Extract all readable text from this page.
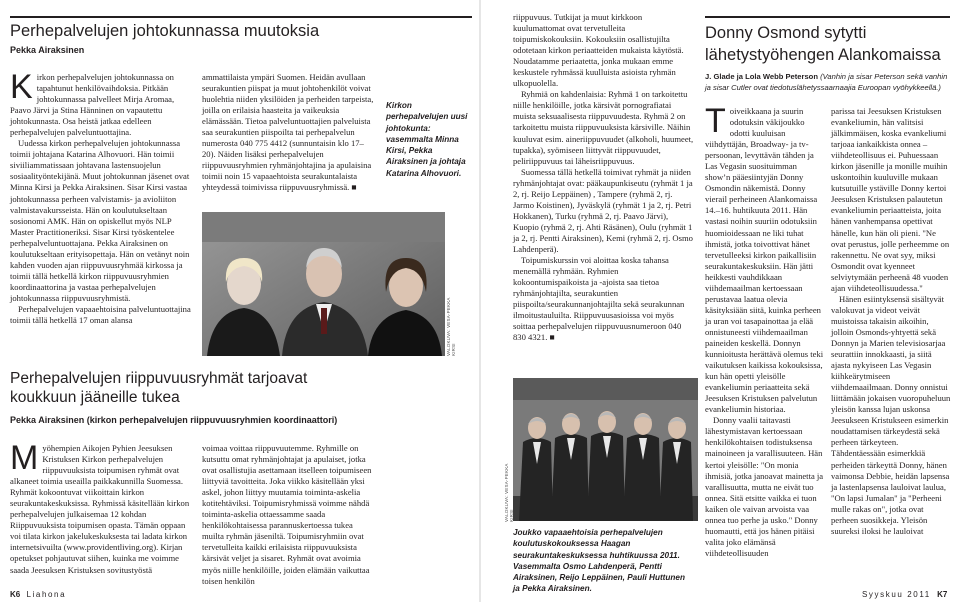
Perhepalvelujen johtokunnassa muutoksia
Pekka Airaksinen
K irkon perhepalvelujen johtokunnassa on tapahtunut henkilövaihdoksia. Pitkään johtokunnassa palvelleet Mirja Aromaa, Paavo Järvi ja Stina Hänninen on vapautettu johtokunnasta. Osa heistä jatkaa edelleen perhepalvelujen palveluntuottajina.

Uudessa kirkon perhepalvelujen johtokunnassa toimii johtajana Katarina Alhovuori. Hän toimii siviiliammatissaan johtavana lastensuojelun sosiaalityöntekijänä. Muut johtokunnan jäsenet ovat Minna Kirsi ja Pekka Airaksinen. Sisar Kirsi vastaa johtokunnassa perheen valvistamis- ja avioliiton valmistavakursseista. Hän on koulutukseltaan sosionomi AMK. Hän on opiskellut myös NLP Master Practitioneriksi. Sisar Kirsi työskentelee perhepalveluntuottajana. Pekka Airaksinen on koulutukseltaan erityisopettaja. Hän on vetänyt noin kahden vuoden ajan riippuvuusryhmää kirkossa ja toimii tällä hetkellä kirkon riippuvuusryhmien koordinaattorina ja vastaa perhepalvelujen johtokunnassa riippuvuusryhmistä.

Perhepalvelujen vapaaehtoisina palveluntuottajina toimii tällä hetkellä 17 oman alansa

ammattilaista ympäri Suomen. Heidän avullaan seurakuntien piispat ja muut johtohenkilöt voivat huolehtia niiden yksilöiden ja perheiden tarpeista, joilla on erilaisia haasteita ja vaikeuksia elämässään. Tietoa palveluntuottajien palveluista saa seurakuntien piispoilta tai perhepalvelun numerosta 040 775 4412 (sunnuntaisin klo 17–20). Näiden lisäksi perhepalvelujen riippuvuusryhmien ryhmänjohtajina ja apulaisina toimii noin 15 vapaaehtoista seurakuntalaista yhteydessä toimivissa riippuvuusryhmissä. ■

Kirkon perhepalvelujen uusi johtokunta: vasemmalta Minna Kirsi, Pekka Airaksinen ja johtaja Katarina Alhovuori.

VALOKUVA: VESA-PEKKA KIRSI
Perhepalvelujen riippuvuusryhmät tarjoavat koukkuun jääneille tukea
Pekka Airaksinen (kirkon perhepalvelujen riippuvuusryhmien koordinaattori)
M yöhempien Aikojen Pyhien Jeesuksen Kristuksen Kirkon perhepalvelujen riippuvuuksista toipumisen ryhmät ovat alkaneet toimia useailla paikkakunnilla Suomessa. Ryhmät kokoontuvat viikoittain kirkon seurakuntakeskuksissa. Ryhmissä käsitellään kirkon perhepalvelujen julkaisemaa 12 kohdan Riippuvuuksista toipumisen opasta. Tämän oppaan voi tilata kirkon jakelukeskuksesta tai ladata kirkon internetsivuilta (www.providentliving.org). Kirjan opetukset pohjautuvat siihen, kuinka me voimme saada Jeesuksen Kristuksen sovitustyöstä

voimaa voittaa riippuvuutemme. Ryhmille on kutsuttu omat ryhmänjohtajat ja apulaiset, jotka ovat osallistujia asettamaan itselleen toipumiseen liittyviä tavoitteita. Joka viikko käsitellään yksi askel, johon liittyy muutamia toiminta-askelia kotitehtäviksi. Toipumisryhmissä voimme nähdä toiminta-askelia ottaessamme saada henkilökohtaisessa parannuskertoessa tukea muilta ryhmän jäseniltä. Toipumisryhmiin ovat tervetulleita kaikki erilaisista riippuvuuksista kärsivät veljet ja sisaret. Ryhmät ovat avoimia myös niille henkilöille, joiden elämään vaikuttaa toisen henkilön

VALOKUVA: VESA-PEKKA KIRSI

Joukko vapaaehtoisia perhepalvelujen koulutuskokouksessa Haagan seurakuntakeskuksessa huhtikuussa 2011. Vasemmalta Osmo Lahdenperä, Pentti Airaksinen, Reijo Leppäinen, Pauli Huttunen ja Pekka Airaksinen.

K6 Liahona

riippuvuus. Tutkijat ja muut kirkkoon kuulumattomat ovat tervetulleita toipumiskokouksiin. Kokouksiin osallistujilta odotetaan kirkon periaatteiden mukaista käytöstä. Noudatamme periaatetta, jonka mukaan emme keskustele ryhmässä kuulluista asioista ryhmän ulkopuolella.

Ryhmiä on kahdenlaisia: Ryhmä 1 on tarkoitettu niille henkilöille, jotka kärsivät pornografiatai muista seksuaalisesta riippuvuudesta. Ryhmä 2 on tarkoitettu muista riippuvuuksista kärsiville. Näihin kuuluvat esim. aineriippuvuudet (alkoholi, huumeet, tupakka), syömiseen liittyvät riippuvuudet, peliriippuvuus tai läheisriippuvuus.

Suomessa tällä hetkellä toimivat ryhmät ja niiden ryhmänjohtajat ovat: pääkaupunkiseutu (ryhmät 1 ja 2, rj. Reijo Leppäinen) , Tampere (ryhmä 2, rj. Jarmo Koistinen), Jyväskylä (ryhmät 1 ja 2, rj. Petri Hokkanen), Turku (ryhmä 2, rj. Paavo Järvi), Kuopio (ryhmä 2, rj. Ahti Räsänen), Oulu (ryhmät 1 ja 2, rj. Pentti Airaksinen), Kemi (ryhmä 2, rj. Osmo Lahdenperä).

Toipumiskurssin voi aloittaa koska tahansa menemällä ryhmään. Ryhmien kokoontumispaikoista ja -ajoista saa tietoa ryhmänjohtajilta, seurakuntien piispoilta/seurakunnanjohtajilta sekä seurakunnan ilmoitustauluilta. Riippuvuusasioissa voi myös soittaa perhepalvelujen riippuvuusnumeroon 040 830 4321. ■

Donny Osmond sytytti lähetystyöhengen Alankomaissa
J. Glade ja Lola Webb Peterson (Vanhin ja sisar Peterson sekä vanhin ja sisar Cutler ovat tiedotuslähetyssaarnaajia Euroopan vyöhykkeellä.)
T oiveikkaana ja suurin odotuksin väkijoukko odotti kuuluisan viihdyttäjän, Broadway- ja tv-persoonan, levyttävän tähden ja Las Vegasin suosituimman show’n pääesiintyjän Donny Osmondin näkemistä. Donny vierail perheineen Alankomaissa 14.–16. huhtikuuta 2011. Hän vastasi noihin suuriin odotuksiin huomioidessaan ne liki tuhat ihmistä, jotka toivottivat hänet tervetulleeksi kirkon paikallisiin seurakuntakeskuksiin. Hän jätti heikkesti vauhdikkaan viihdemaailman kertoessaan perustavaa laatua olevia käsityksiään siitä, kuinka perheen ja uran voi tasapainottaa ja elää onnistuneesti viihdemaailman paineiden keskellä. Donnyn kunnioitusta herättävä olemus teki vaikutuksen kaikissa kokouksissa, kun hän opetti yleisölle evankeliumin periaatteita sekä Jeesuksen Kristuksen palvelutun evankeliumin historiaa.

Donny vaalii taitavasti lähestymistavan kertoessaan henkilökohtaisen todistuksensa mainoineen ja varallisuuteen. Hän kertoi yleisölle: "On monia ihmisiä, jotka janoavat mainetta ja varallisuutta, mutta ne eivät tuo onnea. Sitä etsitte vaikka ei tuon kaiken ole vaivan arvoista vaa onnea tuo perhe ja usko." Donny huomautti, että jos hänen pitäisi valita joko elämänsä viihdeteollisuuden

parissa tai Jeesuksen Kristuksen evankeliumin, hän valitsisi jälkimmäisen, koska evankeliumi tarjoaa iankaikkista onnea – viihdeteollisuus ei. Puhuessaan kirkon jäsenille ja monille muihin uskontoihin kuuluville mukaan kutsutuille ystäville Donny kertoi Jeesuksen Kristuksen palautetun evankeliumin periaatteista, joita hänen vanhempansa opettivat hänelle, kun hän oli pieni. "Ne ovat perustus, jolle perheemme on rakennettu. Ne ovat syy, miksi Osmondit ovat kyenneet selviytymään perheenä 48 vuoden ajan viihdeteollisuudessa."

Hänen esiintyksensä sisältyvät valokuvat ja videot veivät muistoissa takaisin aikoihin, jolloin Osmonds-yhtyettä sekä Donnyn ja Marien televisiosarjaa seurattiin innokkaasti, ja siitä ajasta nykyiseen Las Vegasin kiihkeärytmiseen viihdemaailmaan. Donny onnistui liittämään jokaisen vuoropuheluun yleisön kanssa lujan uskonsa Jeesukseen Kristukseen esimerkin noudattamisen tärkeydestä sekä perheen tärkeyteen. Tähdentäessään esimerkkiä perheiden tärkeyttä Donny, hänen vaimonsa Debbie, heidän lapsensa ja lastenlapsensa lauloivat laulua, "On lapsi Jumalan" ja "Perheeni mulle rakas on", jotka ovat perheen suosikkeja. Yleisön suureksi iloksi he lauloivat

Syyskuu 2011 K7
